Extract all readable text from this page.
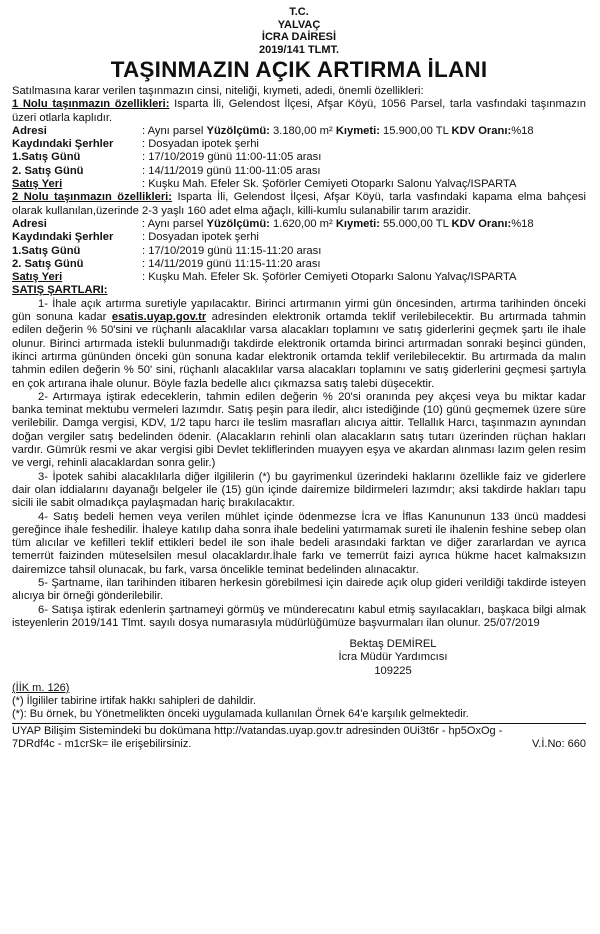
T.C.
YALVAÇ
İCRA DAİRESİ
2019/141 TLMT.
TAŞINMAZIN AÇIK ARTIRMA İLANI
Satılmasına karar verilen taşınmazın cinsi, niteliği, kıymeti, adedi, önemli özellikleri:
1 Nolu taşınmazın özellikleri: Isparta İli, Gelendost İlçesi, Afşar Köyü, 1056 Parsel, tarla vasfındaki taşınmazın üzeri otlarla kaplıdır.
Adresi	: Aynı parsel Yüzölçümü: 3.180,00 m² Kıymeti: 15.900,00 TL KDV Oranı:%18
Kaydındaki Şerhler	: Dosyadan ipotek şerhi
1.Satış Günü	: 17/10/2019 günü 11:00-11:05 arası
2. Satış Günü	: 14/11/2019 günü 11:00-11:05 arası
Satış Yeri	: Kuşku Mah. Efeler Sk. Şoförler Cemiyeti Otoparkı Salonu Yalvaç/ISPARTA
2 Nolu taşınmazın özellikleri: Isparta İli, Gelendost İlçesi, Afşar Köyü, tarla vasfındaki kapama elma bahçesi olarak kullanılan,üzerinde 2-3 yaşlı 160 adet elma ağaçlı, killi-kumlu sulanabilir tarım arazidir.
Adresi	: Aynı parsel Yüzölçümü: 1.620,00 m² Kıymeti: 55.000,00 TL KDV Oranı:%18
Kaydındaki Şerhler	: Dosyadan ipotek şerhi
1.Satış Günü	: 17/10/2019 günü 11:15-11:20 arası
2. Satış Günü	: 14/11/2019 günü 11:15-11:20 arası
Satış Yeri	: Kuşku Mah. Efeler Sk. Şoförler Cemiyeti Otoparkı Salonu Yalvaç/ISPARTA
SATIŞ ŞARTLARI:
1- İhale açık artırma suretiyle yapılacaktır. Birinci artırmanın yirmi gün öncesinden, artırma tarihinden önceki gün sonuna kadar esatis.uyap.gov.tr adresinden elektronik ortamda teklif verilebilecektir. Bu artırmada tahmin edilen değerin % 50'sini ve rüçhanlı alacaklılar varsa alacakları toplamını ve satış giderlerini geçmek şartı ile ihale olunur. Birinci artırmada istekli bulunmadığı takdirde elektronik ortamda birinci artırmadan sonraki beşinci günden, ikinci artırma gününden önceki gün sonuna kadar elektronik ortamda teklif verilebilecektir. Bu artırmada da malın tahmin edilen değerin % 50' sini, rüçhanlı alacaklılar varsa alacakları toplamını ve satış giderlerini geçmesi şartıyla en çok artırana ihale olunur. Böyle fazla bedelle alıcı çıkmazsa satış talebi düşecektir.
2- Artırmaya iştirak edeceklerin, tahmin edilen değerin % 20'si oranında pey akçesi veya bu miktar kadar banka teminat mektubu vermeleri lazımdır. Satış peşin para iledir, alıcı istediğinde (10) günü geçmemek üzere süre verilebilir. Damga vergisi, KDV, 1/2 tapu harcı ile teslim masrafları alıcıya aittir. Tellallık Harcı, taşınmazın aynından doğan vergiler satış bedelinden ödenir. (Alacakların rehinli olan alacakların satış tutarı üzerinden rüçhan hakları vardır. Gümrük resmi ve akar vergisi gibi Devlet tekliflerinden muayyen eşya ve akardan alınması lazım gelen resim ve vergi, rehinli alacaklardan sonra gelir.)
3- İpotek sahibi alacaklılarla diğer ilgililerin (*) bu gayrimenkul üzerindeki haklarını özellikle faiz ve giderlere dair olan iddialarını dayanağı belgeler ile (15) gün içinde dairemize bildirmeleri lazımdır; aksi takdirde hakları tapu sicili ile sabit olmadıkça paylaşmadan hariç bırakılacaktır.
4- Satış bedeli hemen veya verilen mühlet içinde ödenmezse İcra ve İflas Kanununun 133 üncü maddesi gereğince ihale feshedilir. İhaleye katılıp daha sonra ihale bedelini yatırmamak sureti ile ihalenin feshine sebep olan tüm alıcılar ve kefilleri teklif ettikleri bedel ile son ihale bedeli arasındaki farktan ve diğer zararlardan ve ayrıca temerrüt faizinden müteselsilen mesul olacaklardır.İhale farkı ve temerrüt faizi ayrıca hükme hacet kalmaksızın dairemizce tahsil olunacak, bu fark, varsa öncelikle teminat bedelinden alınacaktır.
5- Şartname, ilan tarihinden itibaren herkesin görebilmesi için dairede açık olup gideri verildiği takdirde isteyen alıcıya bir örneği gönderilebilir.
6- Satışa iştirak edenlerin şartnameyi görmüş ve münderecatını kabul etmiş sayılacakları, başkaca bilgi almak isteyenlerin 2019/141 Tlmt. sayılı dosya numarasıyla müdürlüğümüze başvurmaları ilan olunur. 25/07/2019
Bektaş DEMİREL
İcra Müdür Yardımcısı
109225
(İİK m. 126)
(*) İlgililer tabirine irtifak hakkı sahipleri de dahildir.
(*): Bu örnek, bu Yönetmelikten önceki uygulamada kullanılan Örnek 64'e karşılık gelmektedir.
UYAP Bilişim Sistemindeki bu dokümana http://vatandas.uyap.gov.tr adresinden 0Ui3t6r - hp5OxOg -
7DRdf4c - m1crSk= ile erişebilirsiniz.	V.İ.No: 660
